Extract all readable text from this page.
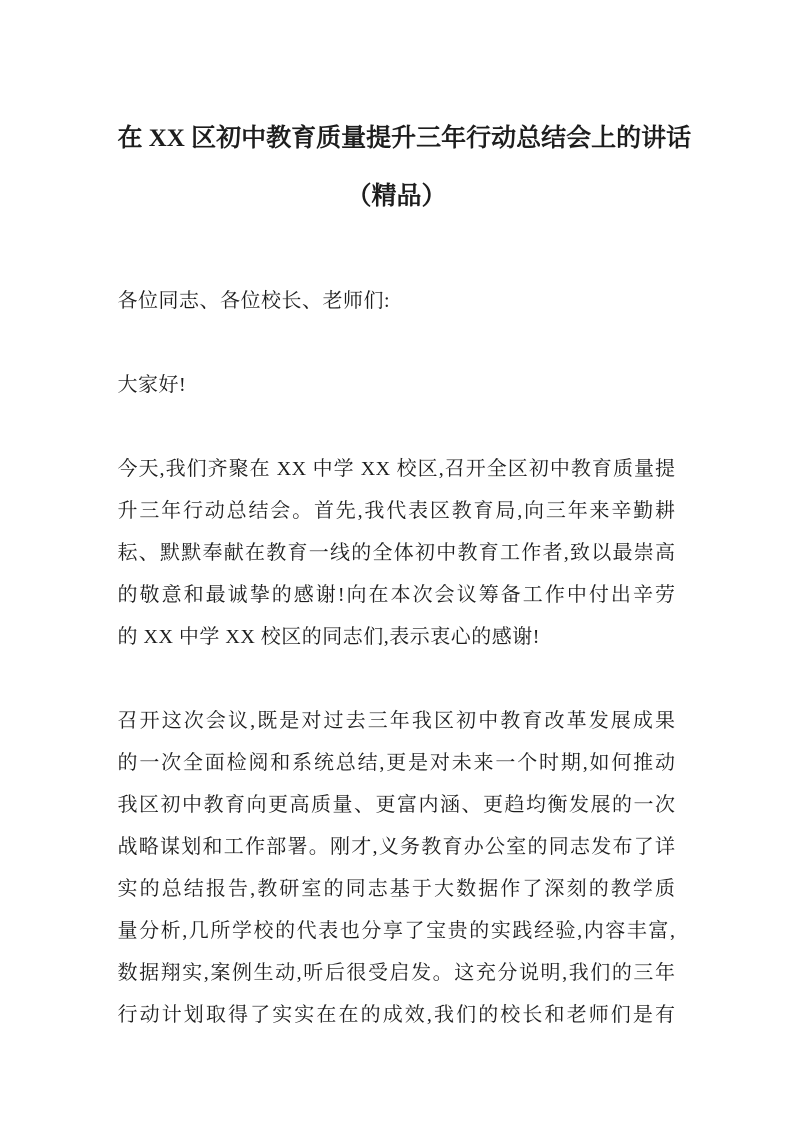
在 XX 区初中教育质量提升三年行动总结会上的讲话
（精品）
各位同志、各位校长、老师们:
大家好!
今天,我们齐聚在 XX 中学 XX 校区,召开全区初中教育质量提
升三年行动总结会。首先,我代表区教育局,向三年来辛勤耕
耘、默默奉献在教育一线的全体初中教育工作者,致以最崇高
的敬意和最诚挚的感谢!向在本次会议筹备工作中付出辛劳
的 XX 中学 XX 校区的同志们,表示衷心的感谢!
召开这次会议,既是对过去三年我区初中教育改革发展成果
的一次全面检阅和系统总结,更是对未来一个时期,如何推动
我区初中教育向更高质量、更富内涵、更趋均衡发展的一次
战略谋划和工作部署。刚才,义务教育办公室的同志发布了详
实的总结报告,教研室的同志基于大数据作了深刻的教学质
量分析,几所学校的代表也分享了宝贵的实践经验,内容丰富,
数据翔实,案例生动,听后很受启发。这充分说明,我们的三年
行动计划取得了实实在在的成效,我们的校长和老师们是有
